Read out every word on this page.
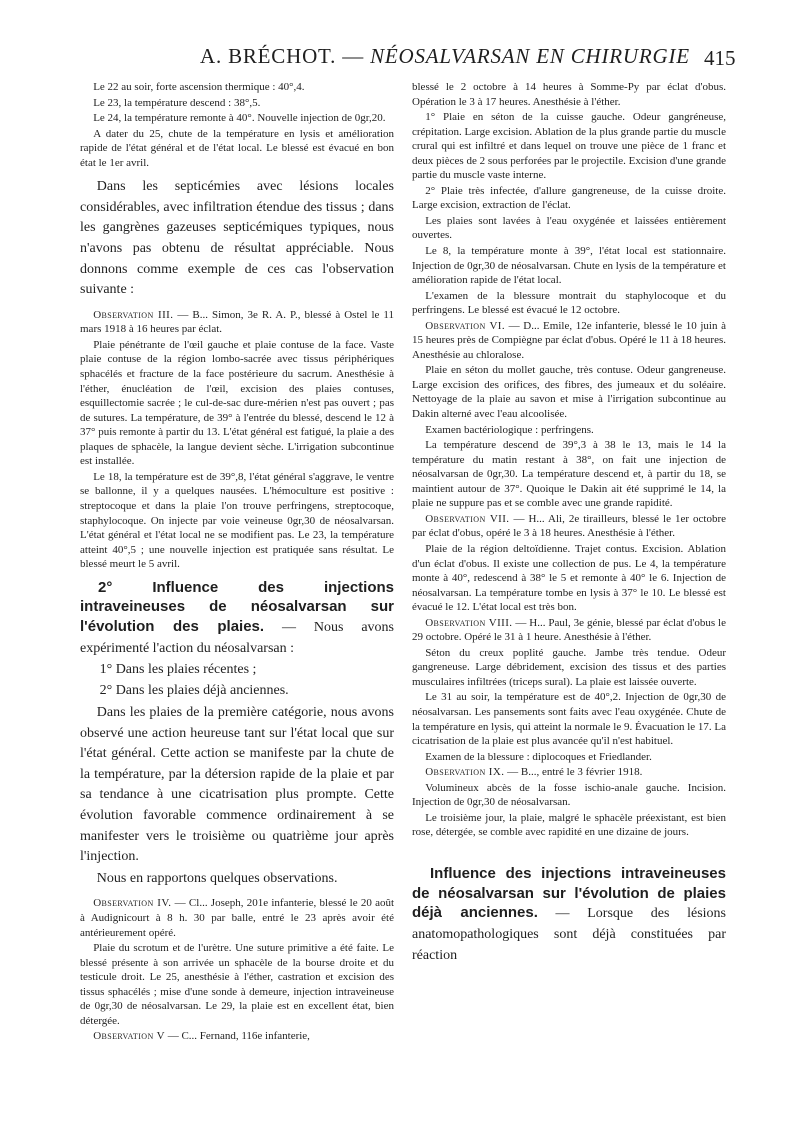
A. BRÉCHOT. — NÉOSALVARSAN EN CHIRURGIE 415

Le 22 au soir, forte ascension thermique : 40°,4.

Le 23, la température descend : 38°,5.

Le 24, la température remonte à 40°. Nouvelle injection de 0gr,20.

A dater du 25, chute de la température en lysis et amélioration rapide de l'état général et de l'état local. Le blessé est évacué en bon état le 1er avril.

Dans les septicémies avec lésions locales considérables, avec infiltration étendue des tissus ; dans les gangrènes gazeuses septicémiques typiques, nous n'avons pas obtenu de résultat appréciable. Nous donnons comme exemple de ces cas l'observation suivante :

Observation III. — B... Simon, 3e R. A. P., blessé à Ostel le 11 mars 1918 à 16 heures par éclat.

Plaie pénétrante de l'œil gauche et plaie contuse de la face. Vaste plaie contuse de la région lombo-sacrée avec tissus périphériques sphacélés et fracture de la face postérieure du sacrum. Anesthésie à l'éther, énucléation de l'œil, excision des plaies contuses, esquillectomie sacrée ; le cul-de-sac dure-mérien n'est pas ouvert ; pas de sutures. La température, de 39° à l'entrée du blessé, descend le 12 à 37° puis remonte à partir du 13. L'état général est fatigué, la plaie a des plaques de sphacèle, la langue devient sèche. L'irrigation subcontinue est installée.

Le 18, la température est de 39°,8, l'état général s'aggrave, le ventre se ballonne, il y a quelques nausées. L'hémoculture est positive : streptocoque et dans la plaie l'on trouve perfringens, streptocoque, staphylocoque. On injecte par voie veineuse 0gr,30 de néosalvarsan. L'état général et l'état local ne se modifient pas. Le 23, la température atteint 40°,5 ; une nouvelle injection est pratiquée sans résultat. Le blessé meurt le 5 avril.

2° Influence des injections intraveineuses de néosalvarsan sur l'évolution des plaies. — Nous avons expérimenté l'action du néosalvarsan :

1° Dans les plaies récentes ;

2° Dans les plaies déjà anciennes.

Dans les plaies de la première catégorie, nous avons observé une action heureuse tant sur l'état local que sur l'état général. Cette action se manifeste par la chute de la température, par la détersion rapide de la plaie et par sa tendance à une cicatrisation plus prompte. Cette évolution favorable commence ordinairement à se manifester vers le troisième ou quatrième jour après l'injection.

Nous en rapportons quelques observations.

Observation IV. — Cl... Joseph, 201e infanterie, blessé le 20 août à Audignicourt à 8 h. 30 par balle, entré le 23 après avoir été antérieurement opéré.

Plaie du scrotum et de l'urètre. Une suture primitive a été faite. Le blessé présente à son arrivée un sphacèle de la bourse droite et du testicule droit. Le 25, anesthésie à l'éther, castration et excision des tissus sphacélés ; mise d'une sonde à demeure, injection intraveineuse de 0gr,30 de néosalvarsan. Le 29, la plaie est en excellent état, bien détergée.

Observation V — C... Fernand, 116e infanterie,

blessé le 2 octobre à 14 heures à Somme-Py par éclat d'obus. Opération le 3 à 17 heures. Anesthésie à l'éther.

1° Plaie en séton de la cuisse gauche. Odeur gangréneuse, crépitation. Large excision. Ablation de la plus grande partie du muscle crural qui est infiltré et dans lequel on trouve une pièce de 1 franc et deux pièces de 2 sous perforées par le projectile. Excision d'une grande partie du muscle vaste interne.

2° Plaie très infectée, d'allure gangreneuse, de la cuisse droite. Large excision, extraction de l'éclat.

Les plaies sont lavées à l'eau oxygénée et laissées entièrement ouvertes.

Le 8, la température monte à 39°, l'état local est stationnaire. Injection de 0gr,30 de néosalvarsan. Chute en lysis de la température et amélioration rapide de l'état local.

L'examen de la blessure montrait du staphylocoque et du perfringens. Le blessé est évacué le 12 octobre.

Observation VI. — D... Emile, 12e infanterie, blessé le 10 juin à 15 heures près de Compiègne par éclat d'obus. Opéré le 11 à 18 heures. Anesthésie au chloralose.

Plaie en séton du mollet gauche, très contuse. Odeur gangreneuse. Large excision des orifices, des fibres, des jumeaux et du soléaire. Nettoyage de la plaie au savon et mise à l'irrigation subcontinue au Dakin alterné avec l'eau alcoolisée.

Examen bactériologique : perfringens.

La température descend de 39°,3 à 38 le 13, mais le 14 la température du matin restant à 38°, on fait une injection de néosalvarsan de 0gr,30. La température descend et, à partir du 18, se maintient autour de 37°. Quoique le Dakin ait été supprimé le 14, la plaie ne suppure pas et se comble avec une grande rapidité.

Observation VII. — H... Ali, 2e tirailleurs, blessé le 1er octobre par éclat d'obus, opéré le 3 à 18 heures. Anesthésie à l'éther.

Plaie de la région deltoïdienne. Trajet contus. Excision. Ablation d'un éclat d'obus. Il existe une collection de pus. Le 4, la température monte à 40°, redescend à 38° le 5 et remonte à 40° le 6. Injection de néosalvarsan. La température tombe en lysis à 37° le 10. Le blessé est évacué le 12. L'état local est très bon.

Observation VIII. — H... Paul, 3e génie, blessé par éclat d'obus le 29 octobre. Opéré le 31 à 1 heure. Anesthésie à l'éther.

Séton du creux poplité gauche. Jambe très tendue. Odeur gangreneuse. Large débridement, excision des tissus et des parties musculaires infiltrées (triceps sural). La plaie est laissée ouverte.

Le 31 au soir, la température est de 40°,2. Injection de 0gr,30 de néosalvarsan. Les pansements sont faits avec l'eau oxygénée. Chute de la température en lysis, qui atteint la normale le 9. Évacuation le 17. La cicatrisation de la plaie est plus avancée qu'il n'est habituel.

Examen de la blessure : diplocoques et Friedlander.

Observation IX. — B..., entré le 3 février 1918.

Volumineux abcès de la fosse ischio-anale gauche. Incision. Injection de 0gr,30 de néosalvarsan.

Le troisième jour, la plaie, malgré le sphacèle préexistant, est bien rose, détergée, se comble avec rapidité en une dizaine de jours.

Influence des injections intraveineuses de néosalvarsan sur l'évolution de plaies déjà anciennes. — Lorsque des lésions anatomopathologiques sont déjà constituées par réaction
